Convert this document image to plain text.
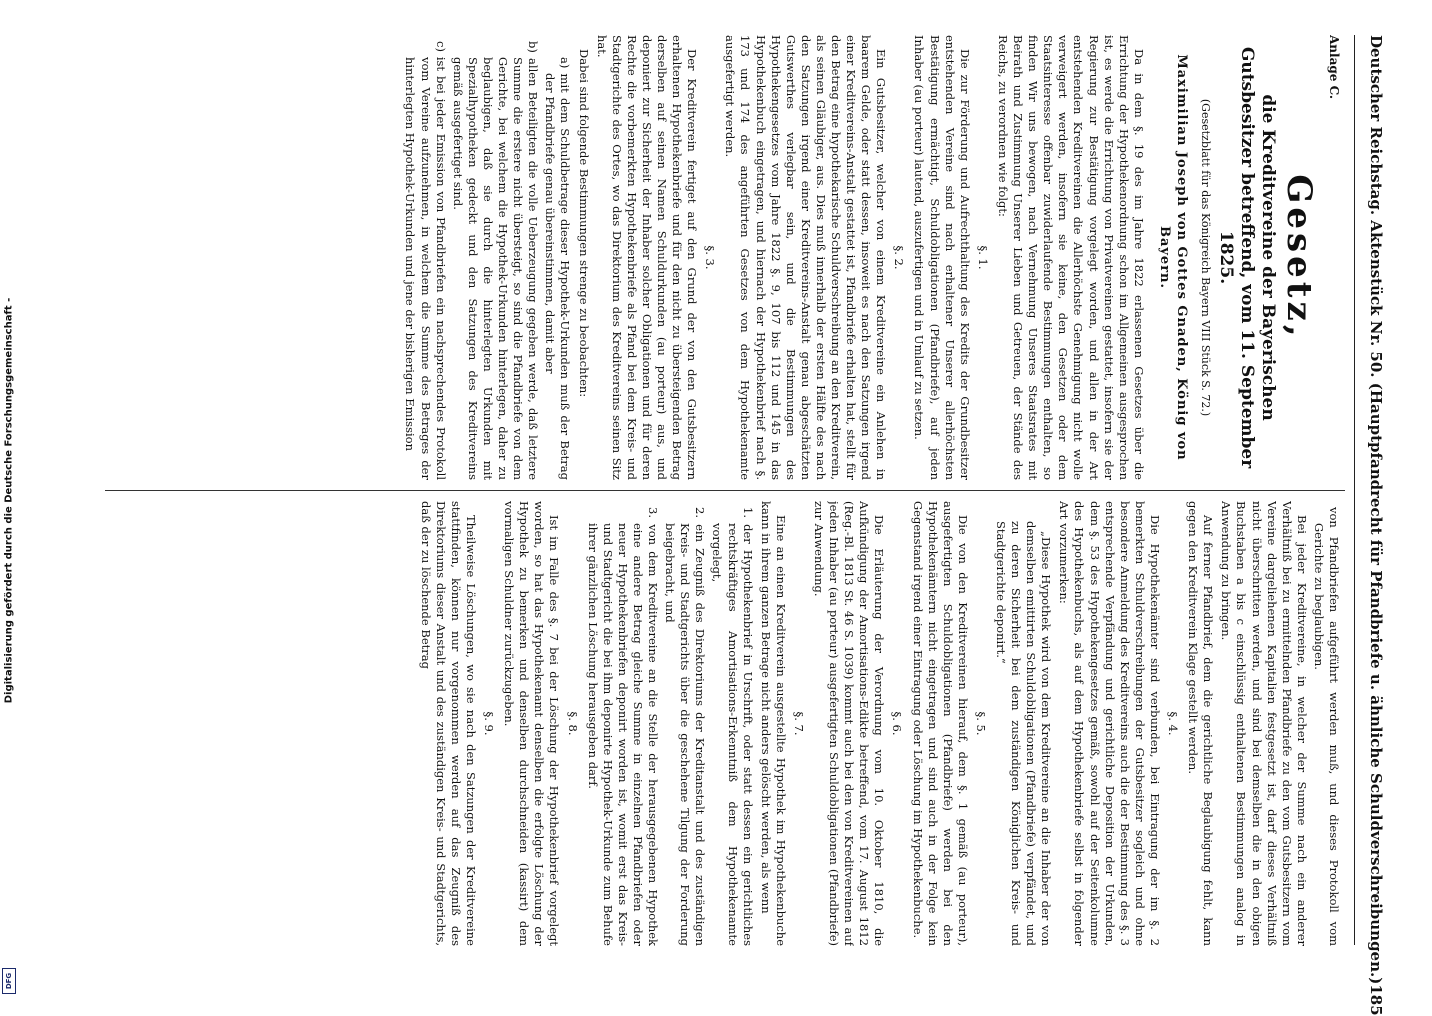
Digitalisierung gefördert durch die Deutsche Forschungsgemeinschaft -
DFG	Deutscher Reichstag. Aktenstück Nr. 50. (Hauptpfandrecht für Pfandbriefe u. ähnliche Schuldverschreibungen.)
185
Anlage C.
Gesetz,
die Kreditvereine der Bayerischen Gutsbesitzer betreffend, vom 11. September 1825.
(Gesetzblatt für das Königreich Bayern VIII Stück S. 72.)
Maximilian Joseph von Gottes Gnaden, König von Bayern.

Da in dem §. 19 des im Jahre 1822 erlassenen Gesetzes über die Errichtung der Hypothekenordnung schon im Allgemeinen ausgesprochen ist, es werde die Errichtung von Privatvereinen gestattet, insofern sie der Regierung zur Bestätigung vorgelegt worden, und allen in der Art entstehenden Kreditvereinen die Allerhöchste Genehmigung nicht wolle verweigert werden, insofern sie keine, den Gesetzen oder dem Staatsinteresse offenbar zuwiderlaufende Bestimmungen enthalten, so finden Wir uns bewogen, nach Vernehmung Unseres Staatsrates mit Beirath und Zustimmung Unserer Lieben und Getreuen, der Stände des Reichs, zu verordnen wie folgt:

§. 1.

Die zur Förderung und Aufrechthaltung des Kredits der Grundbesitzer entstehenden Vereine sind nach erhaltener Unserer allerhöchsten Bestätigung ermächtigt, Schuldobligationen (Pfandbriefe), auf jeden Inhaber (au porteur) lautend, auszufertigen und in Umlauf zu setzen.

§. 2.

Ein Gutsbesitzer, welcher von einem Kreditvereine ein Anlehen in baarem Gelde, oder statt dessen, insoweit es nach den Satzungen irgend einer Kreditvereins-Anstalt gestattet ist, Pfandbriefe erhalten hat, stellt für den Betrag eine hypothekarische Schuldverschreibung an den Kreditverein, als seinen Gläubiger, aus. Dies muß innerhalb der ersten Hälfte des nach den Satzungen irgend einer Kreditvereins-Anstalt genau abgeschätzten Gutswerthes verlegbar sein, und die Bestimmungen des Hypothekengesetzes vom Jahre 1822 §. 9, 107 bis 112 und 145 in das Hypothekenbuch eingetragen, und hiernach der Hypothekenbrief nach §. 173 und 174 des angeführten Gesetzes von dem Hypothekenamte ausgefertigt werden.

§. 3.

Der Kreditverein fertiget auf den Grund der von den Gutsbesitzern erhaltenen Hypothekenbriefe und für den nicht zu übersteigenden Betrag derselben auf seinen Namen Schuldurkunden (au porteur) aus, und deponiert zur Sicherheit der Inhaber solcher Obligationen und für deren Rechte die vorbemerkten Hypothekenbriefe als Pfand bei dem Kreis- und Stadtgerichte des Ortes, wo das Direktorium des Kreditvereins seinen Sitz hat.

Dabei sind folgende Bestimmungen strenge zu beobachten:

a) mit dem Schuldbetrage dieser Hypothek-Urkunden muß der Betrag der Pfandbriefe genau übereinstimmen, damit aber

b) allen Beteiligten die volle Ueberzeugung gegeben werde, daß letztere Summe die erstere nicht übersteigt, so sind die Pfandbriefe von dem Gerichte, bei welchem die Hypothek-Urkunden hinterlegen, daher zu beglaubigen, daß sie durch die hinterlegten Urkunden mit Spezialhypotheken gedeckt und den Satzungen des Kreditvereins gemäß ausgefertiget sind.

c) ist bei jeder Emission von Pfandbriefen ein nachsprechendes Protokoll vom Vereine aufzunehmen, in welchem die Summe des Betrages der hinterlegten Hypothek-Urkunden und jene der bisherigen Emission

von Pfandbriefen aufgeführt werden muß, und dieses Protokoll vom Gerichte zu beglaubigen.

Bei jeder Kreditvereine, in welcher der Summe nach ein anderer Verhältniß bei zu ermittelnden Pfandbriefe zu den vom Gutsbesitzern vom Vereine dargeliehenen Kapitalien festgesetzt ist, darf dieses Verhältniß nicht überschritten werden, und sind bei demselben die in den obigen Buchstaben a bis c einschlüssig enthaltenen Bestimmungen analog in Anwendung zu bringen.

Auf ferner Pfandbrief, dem die gerichtliche Beglaubigung fehlt, kann gegen den Kreditverein Klage gestellt werden.

§. 4.

Die Hypothekenämter sind verbunden, bei Eintragung der im §. 2 bemerkten Schuldverschreibungen der Gutsbesitzer sogleich und ohne besondere Anmeldung des Kreditvereins auch die der Bestimmung des §. 3 entsprechende Verpfändung und gerichtliche Deposition der Urkunden, dem §. 53 des Hypothekengesetzes gemäß, sowohl auf der Seitenkolumne des Hypothekenbuchs, als auf dem Hypothekenbriefe selbst in folgender Art vorzumerken:

„Diese Hypothek wird von dem Kreditvereine an die Inhaber der von demselben emittirten Schuldobligationen (Pfandbriefe) verpfändet, und zu deren Sicherheit bei dem zuständigen Königlichen Kreis- und Stadtgerichte deponirt.“

§. 5.

Die von den Kreditvereinen hierauf, dem §. 1 gemäß (au porteur), ausgefertigten Schuldobligationen (Pfandbriefe) werden bei den Hypothekenämtern nicht eingetragen und sind auch in der Folge kein Gegenstand irgend einer Eintragung oder Löschung im Hypothekenbuche.

§. 6.

Die Erläuterung der Verordnung vom 10. Oktober 1810, die Aufkündigung der Amortisations-Edikte betreffend, vom 17. August 1812 (Reg.-Bl. 1813 St. 46 S. 1039) kommt auch bei den von Kreditvereinen auf jeden Inhaber (au porteur) ausgefertigten Schuldobligationen (Pfandbriefe) zur Anwendung.

§. 7.

Eine an einen Kreditverein ausgestellte Hypothek im Hypothekenbuche kann in ihrem ganzen Betrage nicht anders gelöscht werden, als wenn

1. der Hypothekenbrief in Urschrift, oder statt dessen ein gerichtliches rechtskräftiges Amortisations-Erkenntniß dem Hypothekenamte vorgelegt,

2. ein Zeugniß des Direktoriums der Kreditanstalt und des zuständigen Kreis- und Stadtgerichts über die geschehene Tilgung der Forderung beigebracht, und

3. von dem Kreditvereine an die Stelle der herausgegebenen Hypothek eine andere Betrag gleiche Summe in einzelnen Pfandbriefen oder neuer Hypothekenbriefen deponirt worden ist, womit erst das Kreis- und Stadtgericht die bei ihm deponirte Hypothek-Urkunde zum Behufe ihrer gänzlichen Löschung herausgeben darf.

§. 8.

Ist im Falle des §. 7 bei der Löschung der Hypothekenbrief vorgelegt worden, so hat das Hypothekenamt denselben die erfolgte Löschung der Hypothek zu bemerken und denselben durchschneiden (kassirt) dem vormaligen Schuldner zurückzugeben.

§. 9.

Theilweise Löschungen, wo sie nach den Satzungen der Kreditvereine stattfinden, können nur vorgenommen werden auf das Zeugniß des Direktoriums dieser Anstalt und des zuständigen Kreis- und Stadtgerichts, daß der zu löschende Betrag
